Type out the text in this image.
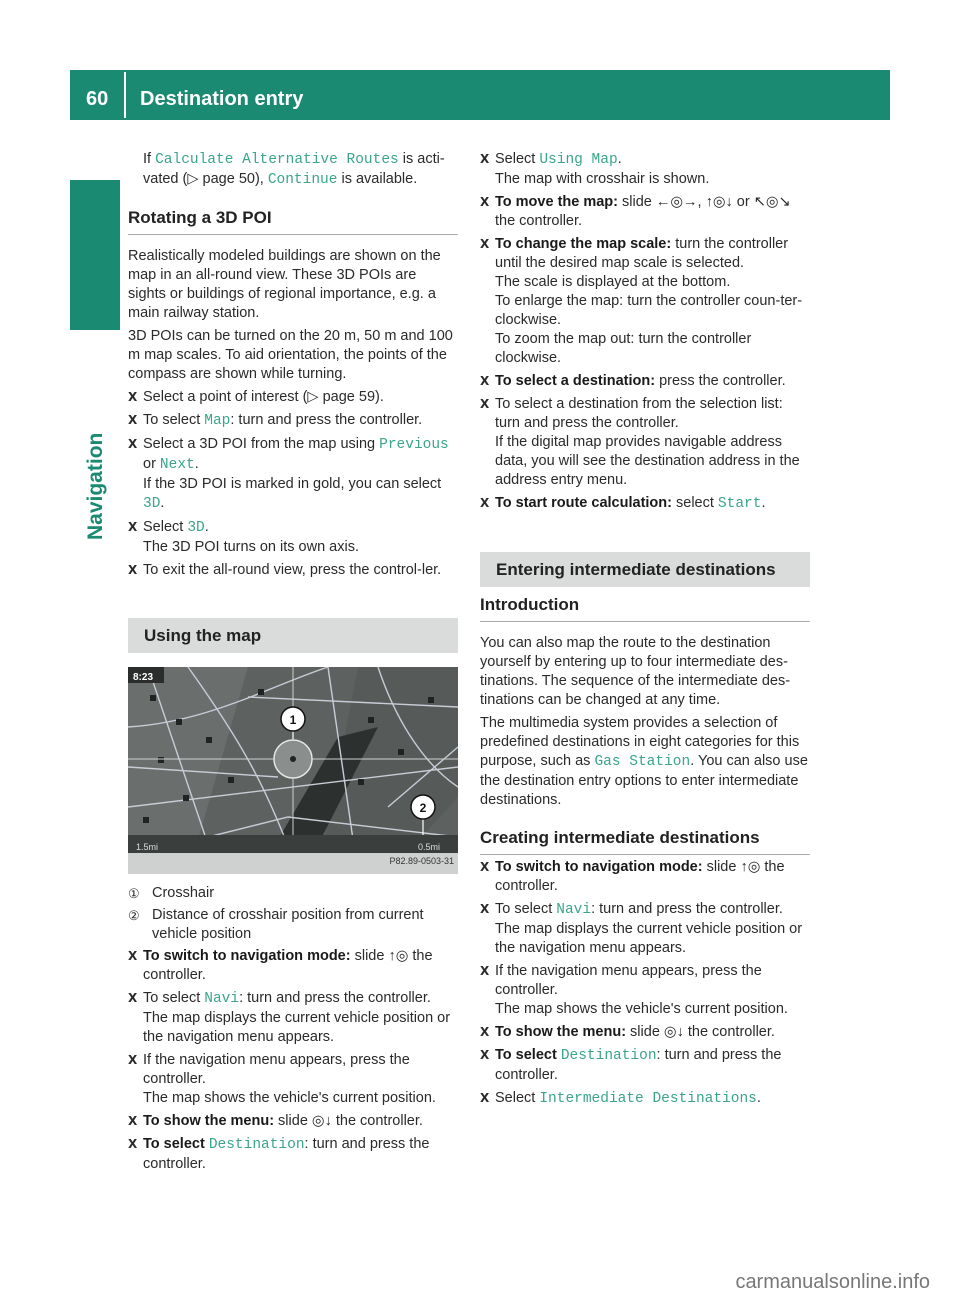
60 Destination entry
Navigation

If Calculate Alternative Routes is acti-vated (▷ page 50), Continue is available.

Rotating a 3D POI

Realistically modeled buildings are shown on the map in an all-round view. These 3D POIs are sights or buildings of regional importance, e.g. a main railway station.

3D POIs can be turned on the 20 m, 50 m and 100 m map scales. To aid orientation, the points of the compass are shown while turning.

X Select a point of interest (▷ page 59).
X To select Map: turn and press the controller.
X Select a 3D POI from the map using Previous or Next.
If the 3D POI is marked in gold, you can select 3D.
X Select 3D.
The 3D POI turns on its own axis.
X To exit the all-round view, press the control-ler.
Using the map
8:23
1
2
1.5mi	0.5mi
P82.89-0503-31
① Crosshair
② Distance of crosshair position from current vehicle position
X To switch to navigation mode: slide ↑◎ the controller.
X To select Navi: turn and press the controller.
The map displays the current vehicle position or the navigation menu appears.
X If the navigation menu appears, press the controller.
The map shows the vehicle's current position.
X To show the menu: slide ◎↓ the controller.
X To select Destination: turn and press the controller.
X Select Using Map.
The map with crosshair is shown.
X To move the map: slide ←◎→, ↑◎↓ or ↖◎↘ the controller.
X To change the map scale: turn the controller until the desired map scale is selected.
The scale is displayed at the bottom.
To enlarge the map: turn the controller coun-ter-clockwise.
To zoom the map out: turn the controller clockwise.
X To select a destination: press the controller.
X To select a destination from the selection list: turn and press the controller.
If the digital map provides navigable address data, you will see the destination address in the address entry menu.
X To start route calculation: select Start.
Entering intermediate destinations
Introduction

You can also map the route to the destination yourself by entering up to four intermediate des-tinations. The sequence of the intermediate des-tinations can be changed at any time.

The multimedia system provides a selection of predefined destinations in eight categories for this purpose, such as Gas Station. You can also use the destination entry options to enter intermediate destinations.

Creating intermediate destinations
X To switch to navigation mode: slide ↑◎ the controller.
X To select Navi: turn and press the controller.
The map displays the current vehicle position or the navigation menu appears.
X If the navigation menu appears, press the controller.
The map shows the vehicle's current position.
X To show the menu: slide ◎↓ the controller.
X To select Destination: turn and press the controller.
X Select Intermediate Destinations.
carmanualsonline.info
